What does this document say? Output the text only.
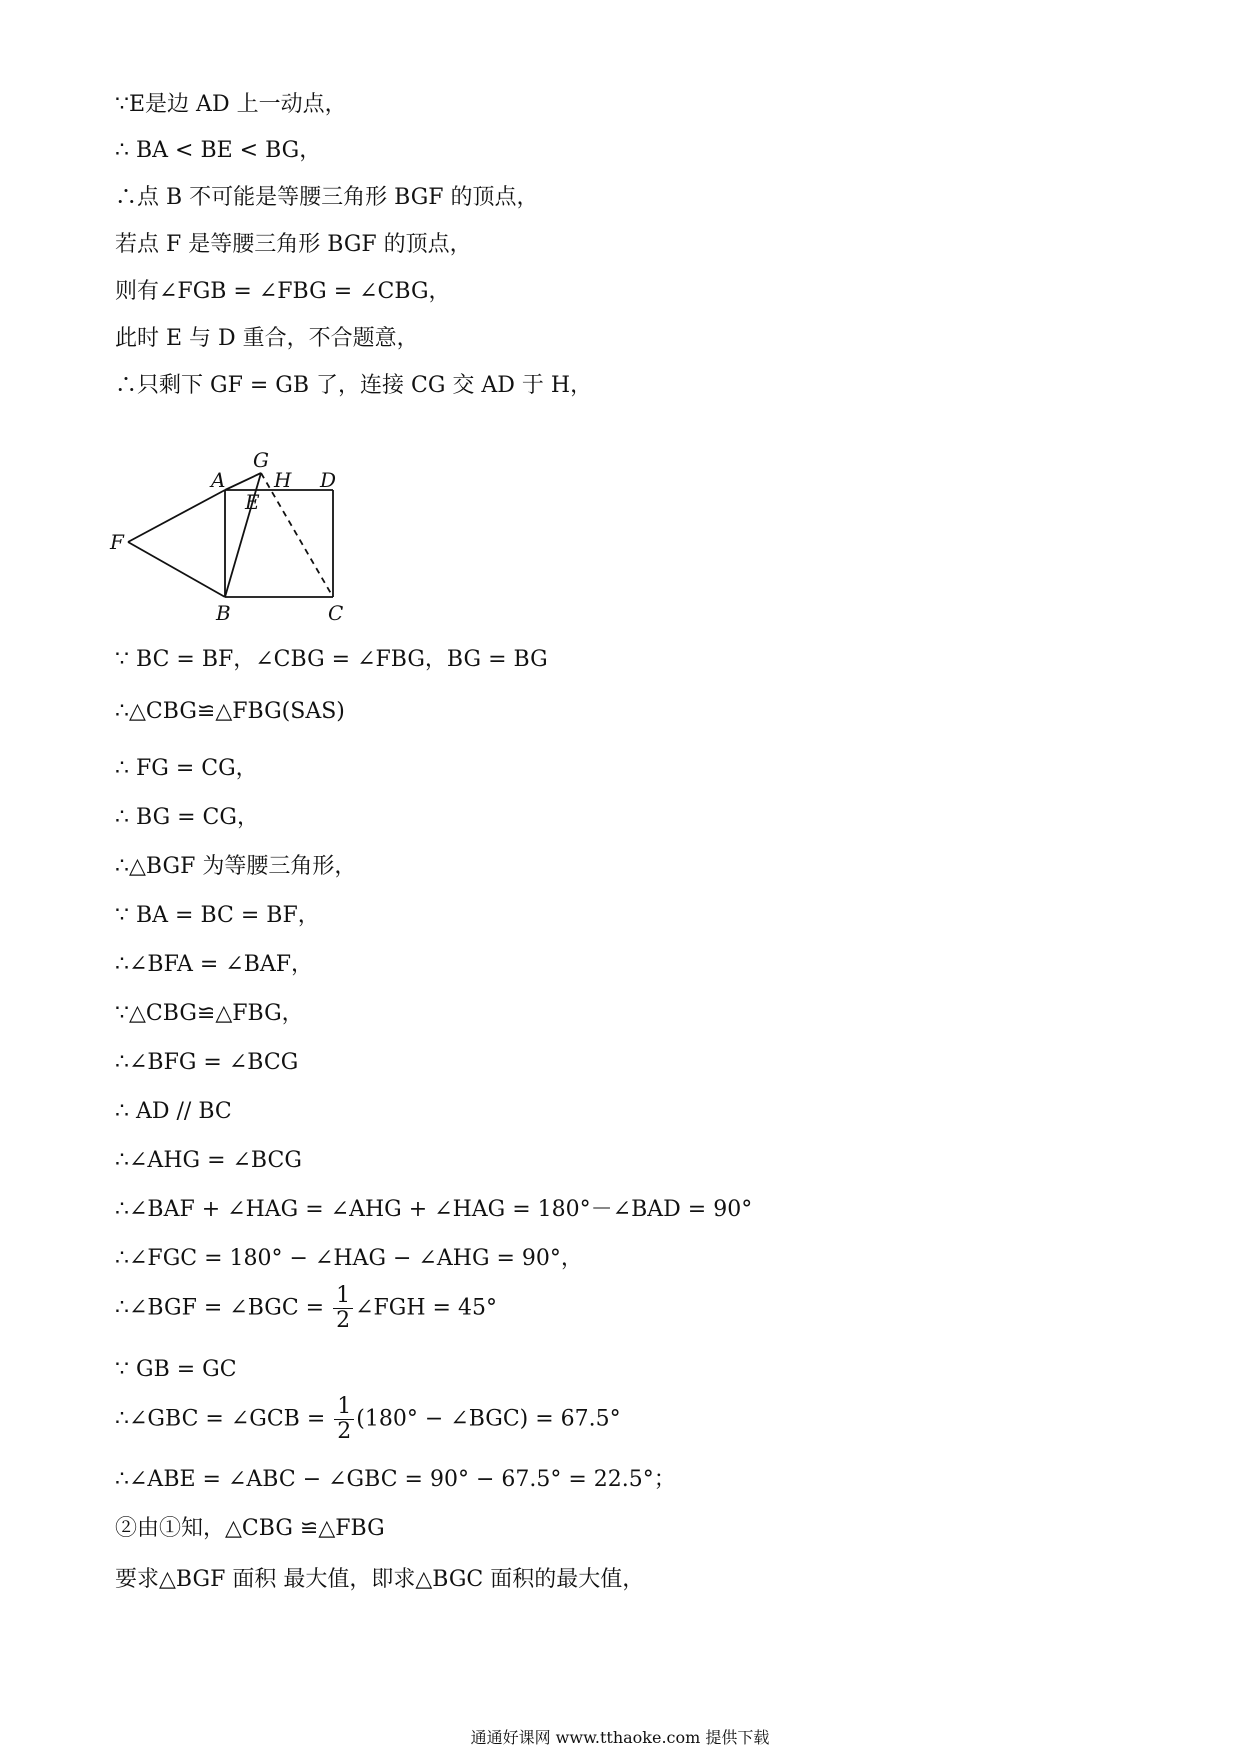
∵E是边 AD 上一动点，
∴ BA < BE < BG，
∴点 B 不可能是等腰三角形 BGF 的顶点，
若点 F 是等腰三角形 BGF 的顶点，
则有∠FGB = ∠FBG = ∠CBG，
此时 E 与 D 重合，不合题意，
∴只剩下 GF = GB 了，连接 CG 交 AD 于 H，
G
A H D
E
F
B	C
∵ BC = BF，∠CBG = ∠FBG，BG = BG
∴△CBG≌△FBG(SAS)
∴ FG = CG，
∴ BG = CG，
∴△BGF 为等腰三角形，
∵ BA = BC = BF，
∴∠BFA = ∠BAF，
∵△CBG≌△FBG，
∴∠BFG = ∠BCG
∴ AD // BC
∴∠AHG = ∠BCG
∴∠BAF + ∠HAG = ∠AHG + ∠HAG = 180°－∠BAD = 90°
∴∠FGC = 180° − ∠HAG − ∠AHG = 90°，
∴∠BGF = ∠BGC = $\frac{1}{2}$ ∠FGH = 45°
∵ GB = GC
∴∠GBC = ∠GCB = $\frac{1}{2} (180^\circ$ − ∠BGC) = 67.5°
∴∠ABE = ∠ABC − ∠GBC = 90° − 67.5° = 22.5°；
②由①知，△CBG ≌△FBG
要求△BGF 面积 最大值，即求△BGC 面积的最大值，
通通好课网 www.tthaoke.com 提供下载
